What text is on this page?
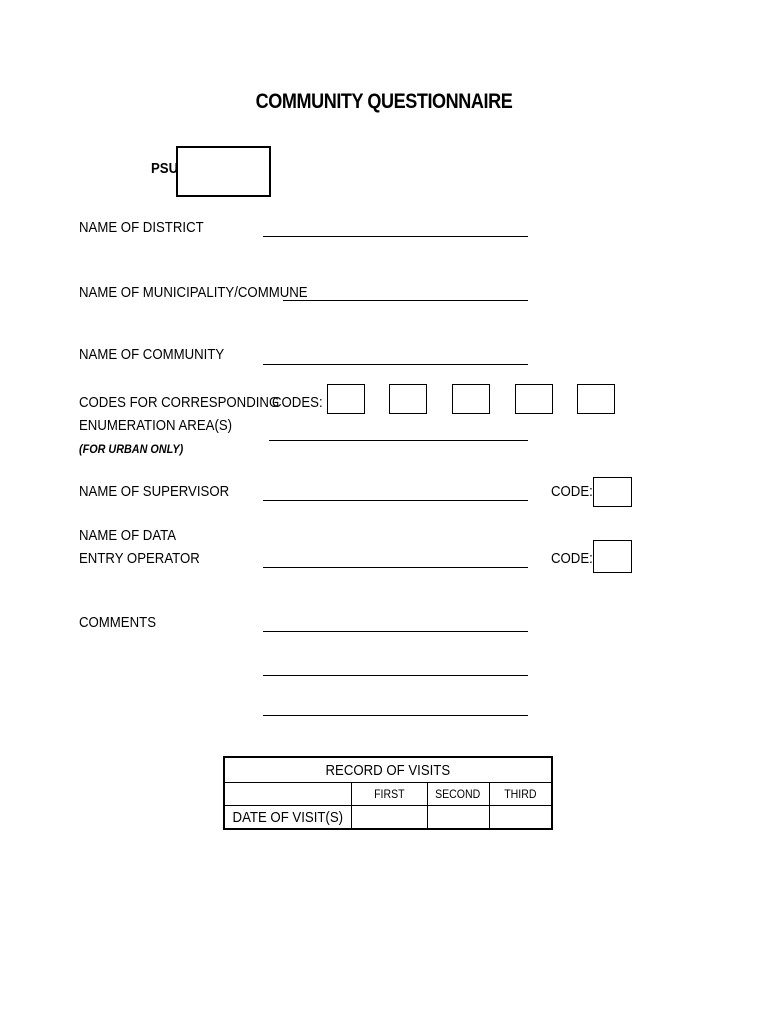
COMMUNITY QUESTIONNAIRE
PSU
NAME OF DISTRICT
NAME OF MUNICIPALITY/COMMUNE
NAME OF COMMUNITY
CODES FOR CORRESPONDING
ENUMERATION AREA(S)
(FOR URBAN ONLY)
CODES:
NAME OF SUPERVISOR	CODE:
NAME OF DATA
ENTRY OPERATOR	CODE:
COMMENTS
RECORD OF VISITS			
	FIRST	SECOND	THIRD
DATE OF VISIT(S)			
